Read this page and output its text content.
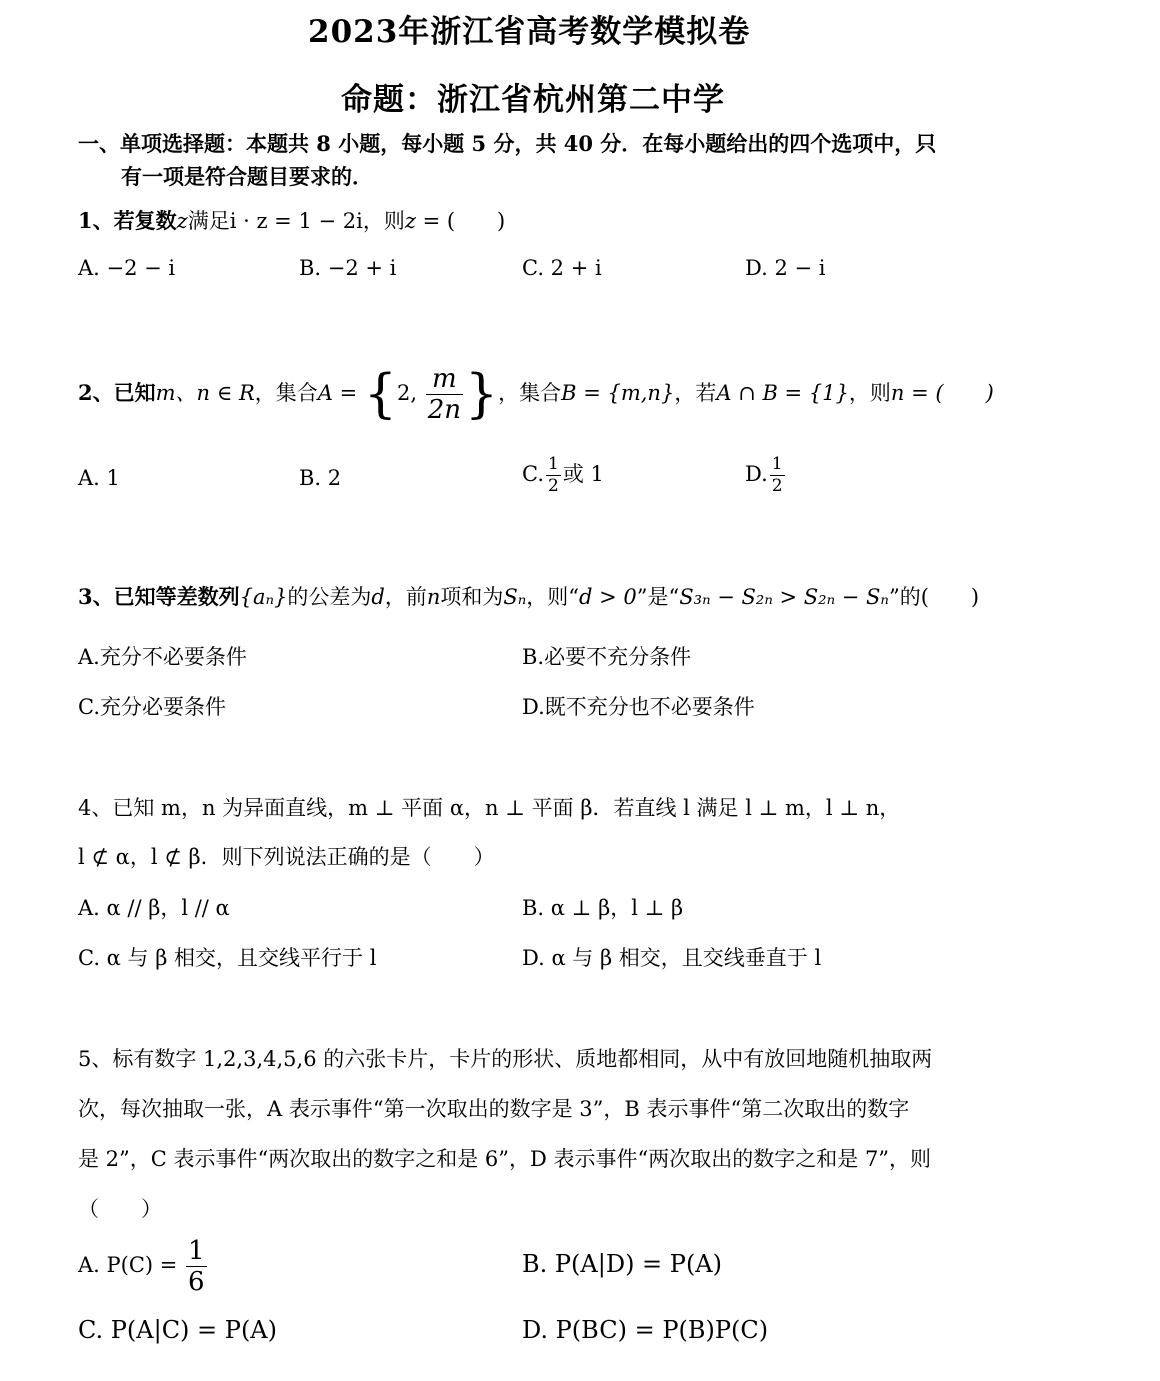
2023年浙江省高考数学模拟卷
命题：浙江省杭州第二中学
一、单项选择题：本题共 8 小题，每小题 5 分，共 40 分．在每小题给出的四个选项中，只
有一项是符合题目要求的．
1、若复数z满足i · z = 1 − 2i，则z = (　　)
A. −2 − i	B. −2 + i	C. 2 + i	D. 2 − i
2、已知m、n ∈ R，集合A = {2, $\frac{m}{2n}$ }，集合B = {m,n}，若A ∩ B = {1}，则n = (　　)
A. 1	B. 2	C. $\frac{1}{2}$ 或 1	D. $\frac{1}{2}$
3、已知等差数列{aₙ}的公差为d，前n项和为Sₙ，则“d > 0”是“S₃ₙ − S₂ₙ > S₂ₙ − Sₙ”的(　　)
A.充分不必要条件	B.必要不充分条件
C.充分必要条件	D.既不充分也不必要条件
4、已知 m，n 为异面直线，m ⊥ 平面 α，n ⊥ 平面 β．若直线 l 满足 l ⊥ m，l ⊥ n，
l ⊄ α，l ⊄ β．则下列说法正确的是（　　）
A. α // β，l // α	B. α ⊥ β，l ⊥ β
C. α 与 β 相交，且交线平行于 l	D. α 与 β 相交，且交线垂直于 l
5、标有数字 1,2,3,4,5,6 的六张卡片，卡片的形状、质地都相同，从中有放回地随机抽取两
次，每次抽取一张，A 表示事件“第一次取出的数字是 3”，B 表示事件“第二次取出的数字
是 2”，C 表示事件“两次取出的数字之和是 6”，D 表示事件“两次取出的数字之和是 7”，则
（　　）
A. $P(C) = \frac{1}{6}$	B. P(A|D) = P(A)
C. P(A|C) = P(A)	D. P(BC) = P(B)P(C)
